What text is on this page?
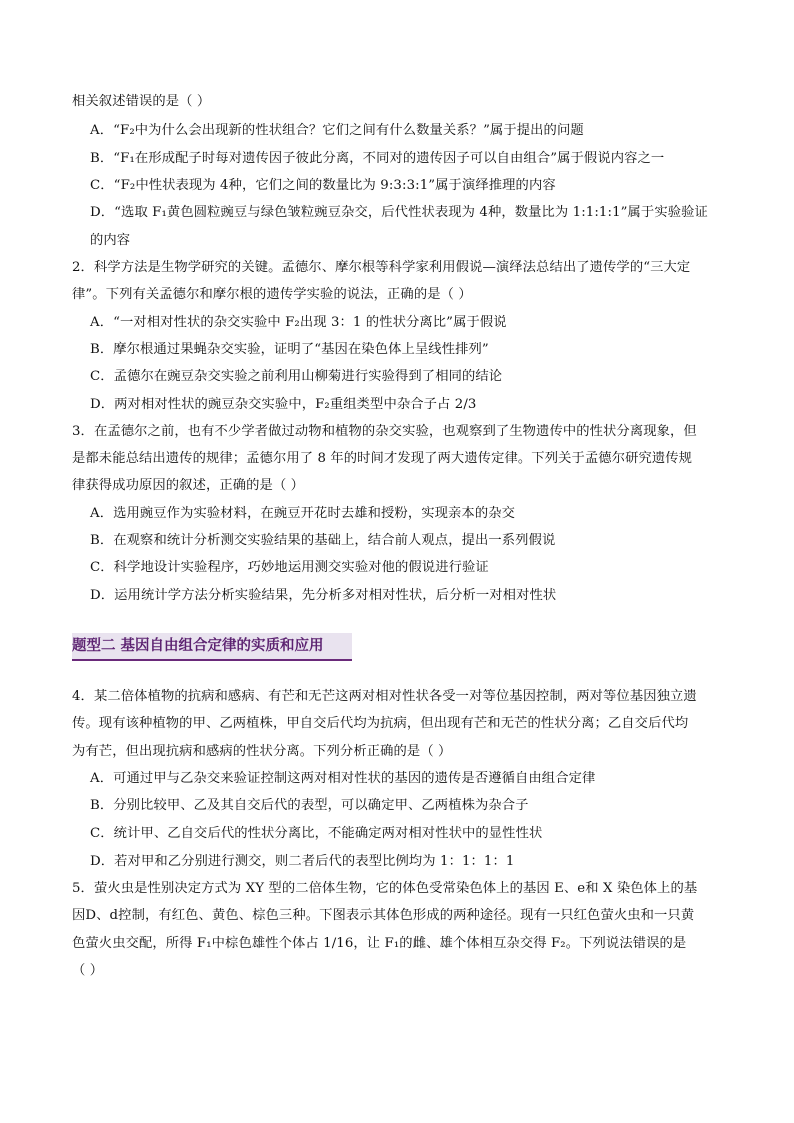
相关叙述错误的是（ ）
A．“F₂中为什么会出现新的性状组合？它们之间有什么数量关系？”属于提出的问题
B．“F₁在形成配子时每对遗传因子彼此分离，不同对的遗传因子可以自由组合”属于假说内容之一
C．“F₂中性状表现为 4种，它们之间的数量比为 9:3:3:1”属于演绎推理的内容
D．“选取 F₁黄色圆粒豌豆与绿色皱粒豌豆杂交，后代性状表现为 4种，数量比为 1:1:1:1”属于实验验证
的内容
2．科学方法是生物学研究的关键。孟德尔、摩尔根等科学家利用假说—演绎法总结出了遗传学的“三大定
律”。下列有关孟德尔和摩尔根的遗传学实验的说法，正确的是（ ）
A．“一对相对性状的杂交实验中 F₂出现 3：1 的性状分离比”属于假说
B．摩尔根通过果蝇杂交实验，证明了“基因在染色体上呈线性排列”
C．孟德尔在豌豆杂交实验之前利用山柳菊进行实验得到了相同的结论
D．两对相对性状的豌豆杂交实验中，F₂重组类型中杂合子占 2/3
3．在孟德尔之前，也有不少学者做过动物和植物的杂交实验，也观察到了生物遗传中的性状分离现象，但
是都未能总结出遗传的规律；孟德尔用了 8 年的时间才发现了两大遗传定律。下列关于孟德尔研究遗传规
律获得成功原因的叙述，正确的是（ ）
A．选用豌豆作为实验材料，在豌豆开花时去雄和授粉，实现亲本的杂交
B．在观察和统计分析测交实验结果的基础上，结合前人观点，提出一系列假说
C．科学地设计实验程序，巧妙地运用测交实验对他的假说进行验证
D．运用统计学方法分析实验结果，先分析多对相对性状，后分析一对相对性状
题型二 基因自由组合定律的实质和应用
4．某二倍体植物的抗病和感病、有芒和无芒这两对相对性状各受一对等位基因控制，两对等位基因独立遗
传。现有该种植物的甲、乙两植株，甲自交后代均为抗病，但出现有芒和无芒的性状分离；乙自交后代均
为有芒，但出现抗病和感病的性状分离。下列分析正确的是（ ）
A．可通过甲与乙杂交来验证控制这两对相对性状的基因的遗传是否遵循自由组合定律
B．分别比较甲、乙及其自交后代的表型，可以确定甲、乙两植株为杂合子
C．统计甲、乙自交后代的性状分离比，不能确定两对相对性状中的显性性状
D．若对甲和乙分别进行测交，则二者后代的表型比例均为 1：1：1：1
5．萤火虫是性别决定方式为 XY 型的二倍体生物，它的体色受常染色体上的基因 E、e和 X 染色体上的基
因D、d控制，有红色、黄色、棕色三种。下图表示其体色形成的两种途径。现有一只红色萤火虫和一只黄
色萤火虫交配，所得 F₁中棕色雄性个体占 1/16，让 F₁的雌、雄个体相互杂交得 F₂。下列说法错误的是
（ ）
